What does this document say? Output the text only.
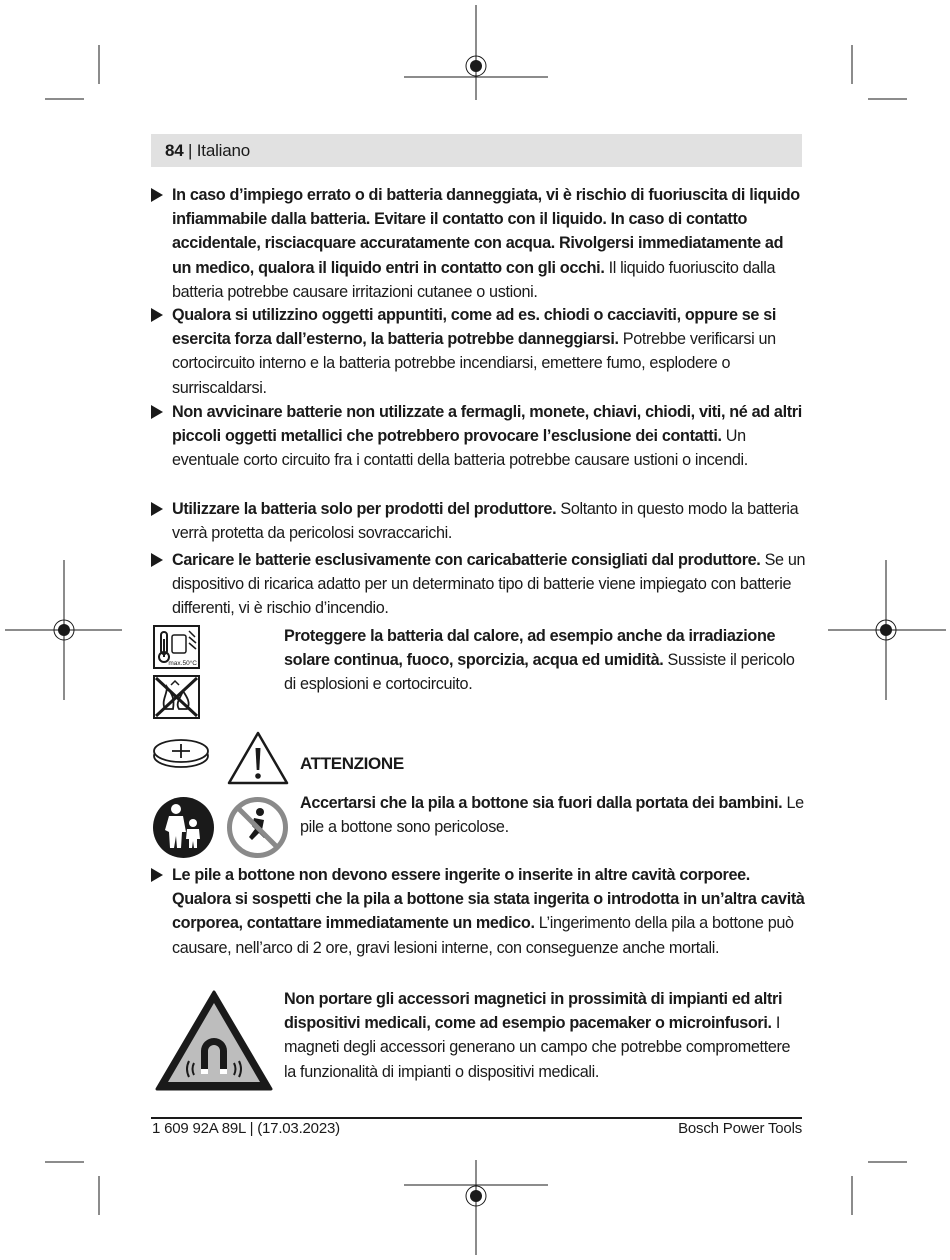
84 | Italiano
In caso d’impiego errato o di batteria danneggiata, vi è rischio di fuoriuscita di liquido infiammabile dalla batteria. Evitare il contatto con il liquido. In caso di contatto accidentale, risciacquare accuratamente con acqua. Rivolgersi immediatamente ad un medico, qualora il liquido entri in contatto con gli occhi. Il liquido fuoriuscito dalla batteria potrebbe causare irritazioni cutanee o ustioni.
Qualora si utilizzino oggetti appuntiti, come ad es. chiodi o cacciaviti, oppure se si esercita forza dall’esterno, la batteria potrebbe danneggiarsi. Potrebbe verificarsi un cortocircuito interno e la batteria potrebbe incendiarsi, emettere fumo, esplodere o surriscaldarsi.
Non avvicinare batterie non utilizzate a fermagli, monete, chiavi, chiodi, viti, né ad altri piccoli oggetti metallici che potrebbero provocare l’esclusione dei contatti. Un eventuale corto circuito fra i contatti della batteria potrebbe causare ustioni o incendi.
Utilizzare la batteria solo per prodotti del produttore. Soltanto in questo modo la batteria verrà protetta da pericolosi sovraccarichi.
Caricare le batterie esclusivamente con caricabatterie consigliati dal produttore. Se un dispositivo di ricarica adatto per un determinato tipo di batterie viene impiegato con batterie differenti, vi è rischio d’incendio.
max.50°C
Proteggere la batteria dal calore, ad esempio anche da irradiazione solare continua, fuoco, sporcizia, acqua ed umidità. Sussiste il pericolo di esplosioni e cortocircuito.
ATTENZIONE
Accertarsi che la pila a bottone sia fuori dalla portata dei bambini. Le pile a bottone sono pericolose.
Le pile a bottone non devono essere ingerite o inserite in altre cavità corporee. Qualora si sospetti che la pila a bottone sia stata ingerita o introdotta in un’altra cavità corporea, contattare immediatamente un medico. L’ingerimento della pila a bottone può causare, nell’arco di 2 ore, gravi lesioni interne, con conseguenze anche mortali.
Non portare gli accessori magnetici in prossimità di impianti ed altri dispositivi medicali, come ad esempio pacemaker o microinfusori. I magneti degli accessori generano un campo che potrebbe compromettere la funzionalità di impianti o dispositivi medicali.
1 609 92A 89L | (17.03.2023)	Bosch Power Tools
